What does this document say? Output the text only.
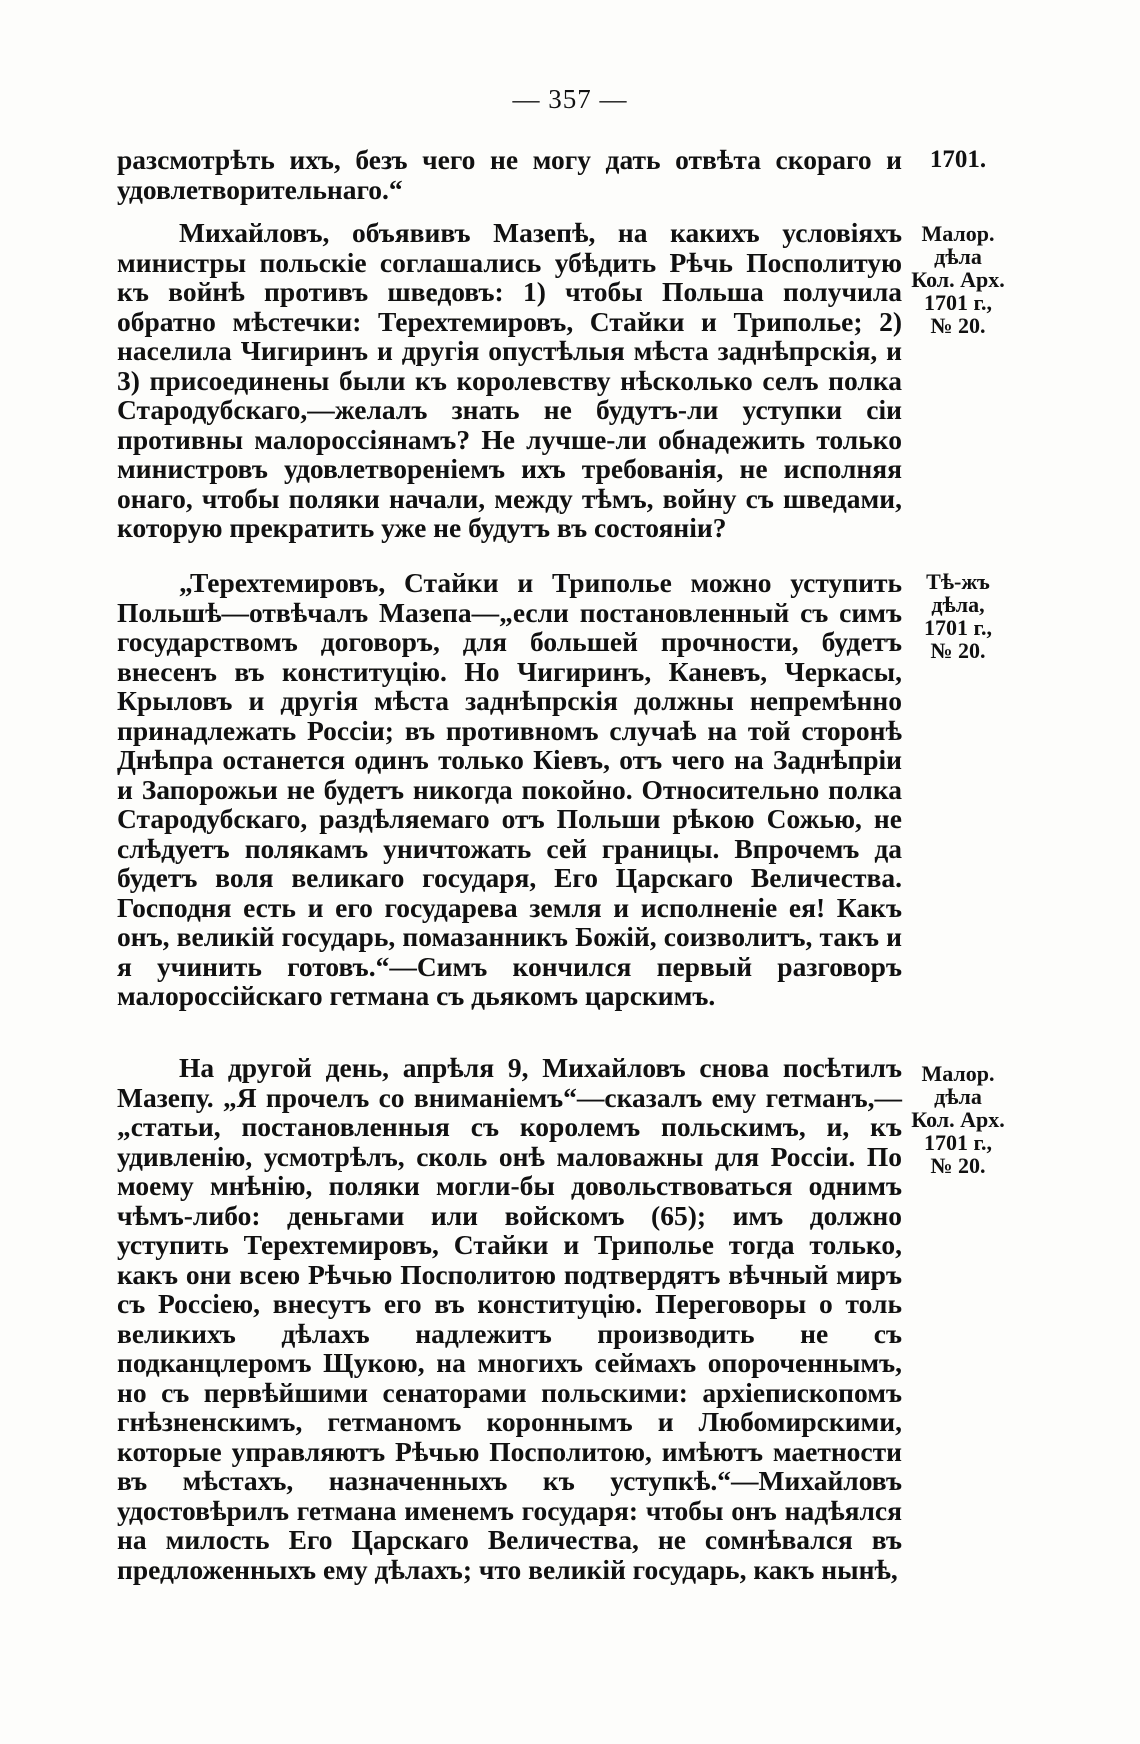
— 357 —

разсмотрѣть ихъ, безъ чего не могу дать отвѣта скораго и удовлетворительнаго.“

Михайловъ, объявивъ Мазепѣ, на какихъ условіяхъ министры польскіе соглашались убѣдить Рѣчь Посполитую къ войнѣ противъ шведовъ: 1) чтобы Польша получила обратно мѣстечки: Терехтемировъ, Стайки и Триполье; 2) населила Чигиринъ и другія опустѣлыя мѣста заднѣпрскія, и 3) присоединены были къ королевству нѣсколько селъ полка Стародубскаго,—желалъ знать не будутъ-ли уступки сіи противны малороссіянамъ? Не лучше-ли обнадежить только министровъ удовлетвореніемъ ихъ требованія, не исполняя онаго, чтобы поляки начали, между тѣмъ, войну съ шведами, которую прекратить уже не будутъ въ состояніи?

„Терехтемировъ, Стайки и Триполье можно уступить Польшѣ—отвѣчалъ Мазепа—„если постановленный съ симъ государствомъ договоръ, для большей прочности, будетъ внесенъ въ конституцію. Но Чигиринъ, Каневъ, Черкасы, Крыловъ и другія мѣста заднѣпрскія должны непремѣнно принадлежать Россіи; въ противномъ случаѣ на той сторонѣ Днѣпра останется одинъ только Кіевъ, отъ чего на Заднѣпріи и Запорожьи не будетъ никогда покойно. Относительно полка Стародубскаго, раздѣляемаго отъ Польши рѣкою Сожью, не слѣдуетъ полякамъ уничтожать сей границы. Впрочемъ да будетъ воля великаго государя, Его Царскаго Величества. Господня есть и его государева земля и исполненіе ея! Какъ онъ, великій государь, помазанникъ Божій, соизволитъ, такъ и я учинить готовъ.“—Симъ кончился первый разговоръ малороссійскаго гетмана съ дьякомъ царскимъ.

На другой день, апрѣля 9, Михайловъ снова посѣтилъ Мазепу. „Я прочелъ со вниманіемъ“—сказалъ ему гетманъ,—„статьи, постановленныя съ королемъ польскимъ, и, къ удивленію, усмотрѣлъ, сколь онѣ маловажны для Россіи. По моему мнѣнію, поляки могли-бы довольствоваться однимъ чѣмъ-либо: деньгами или войскомъ (65); имъ должно уступить Терехтемировъ, Стайки и Триполье тогда только, какъ они всею Рѣчью Посполитою подтвердятъ вѣчный миръ съ Россіею, внесутъ его въ конституцію. Переговоры о толь великихъ дѣлахъ надлежитъ производить не съ подканцлеромъ Щукою, на многихъ сеймахъ опороченнымъ, но съ первѣйшими сенаторами польскими: архіепископомъ гнѣзненскимъ, гетманомъ короннымъ и Любомирскими, которые управляютъ Рѣчью Посполитою, имѣютъ маетности въ мѣстахъ, назначенныхъ къ уступкѣ.“—Михайловъ удостовѣрилъ гетмана именемъ государя: чтобы онъ надѣялся на милость Его Царскаго Величества, не сомнѣвался въ предложенныхъ ему дѣлахъ; что великій государь, какъ нынѣ,

1701.
Малор.
дѣла
Кол. Арх.
1701 г.,
№ 20.
Тѣ-жъ
дѣла,
1701 г.,
№ 20.
Малор.
дѣла
Кол. Арх.
1701 г.,
№ 20.
